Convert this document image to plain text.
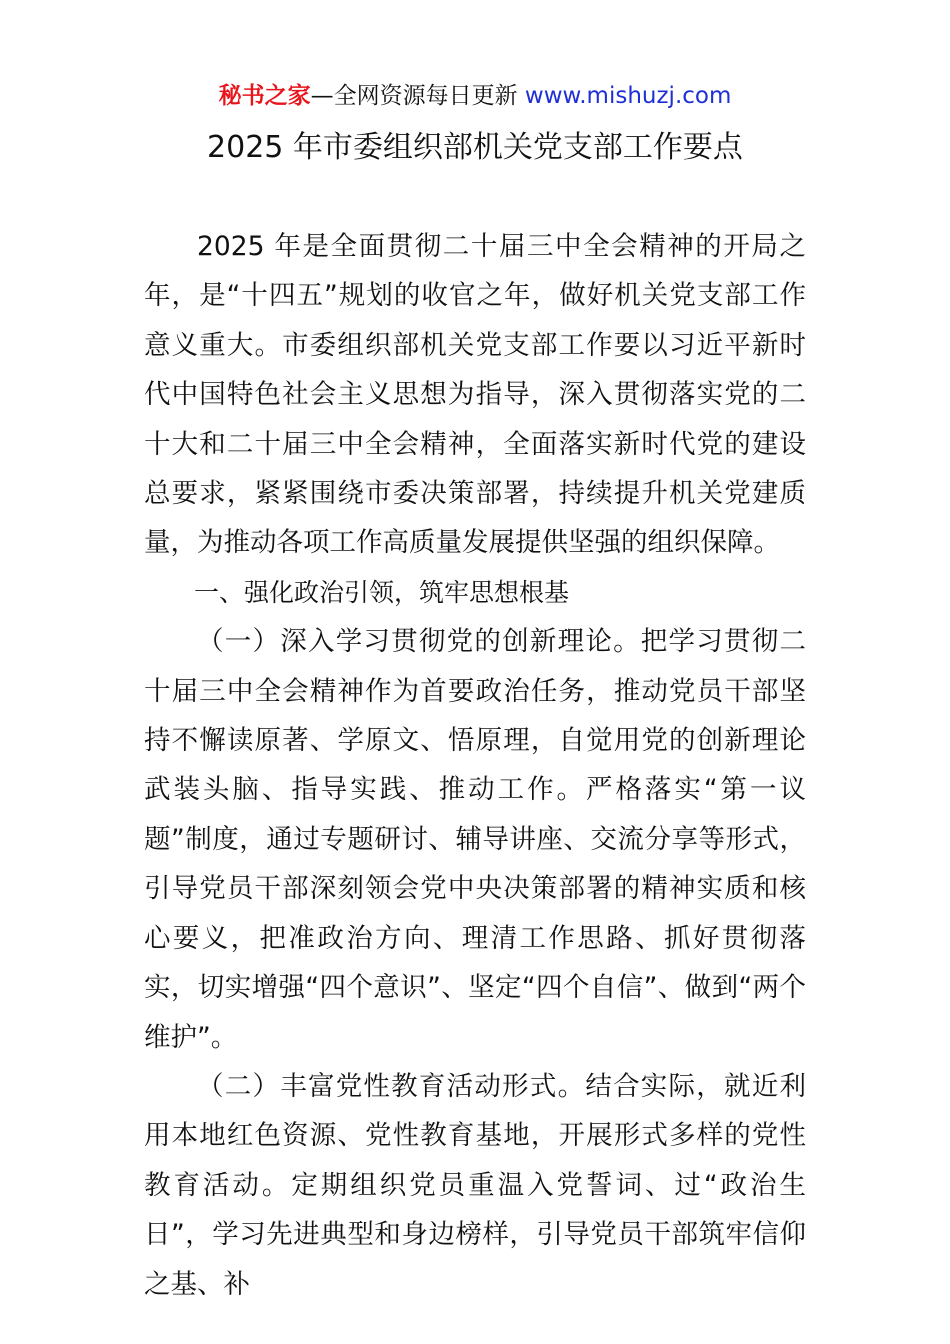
秘书之家—全网资源每日更新 www.mishuzj.com
2025 年市委组织部机关党支部工作要点

2025 年是全面贯彻二十届三中全会精神的开局之年，是“十四五”规划的收官之年，做好机关党支部工作意义重大。市委组织部机关党支部工作要以习近平新时代中国特色社会主义思想为指导，深入贯彻落实党的二十大和二十届三中全会精神，全面落实新时代党的建设总要求，紧紧围绕市委决策部署，持续提升机关党建质量，为推动各项工作高质量发展提供坚强的组织保障。

一、强化政治引领，筑牢思想根基

（一）深入学习贯彻党的创新理论。把学习贯彻二十届三中全会精神作为首要政治任务，推动党员干部坚持不懈读原著、学原文、悟原理，自觉用党的创新理论武装头脑、指导实践、推动工作。严格落实“第一议题”制度，通过专题研讨、辅导讲座、交流分享等形式，引导党员干部深刻领会党中央决策部署的精神实质和核心要义，把准政治方向、理清工作思路、抓好贯彻落实，切实增强“四个意识”、坚定“四个自信”、做到“两个维护”。

（二）丰富党性教育活动形式。结合实际，就近利用本地红色资源、党性教育基地，开展形式多样的党性教育活动。定期组织党员重温入党誓词、过“政治生日”，学习先进典型和身边榜样，引导党员干部筑牢信仰之基、补
